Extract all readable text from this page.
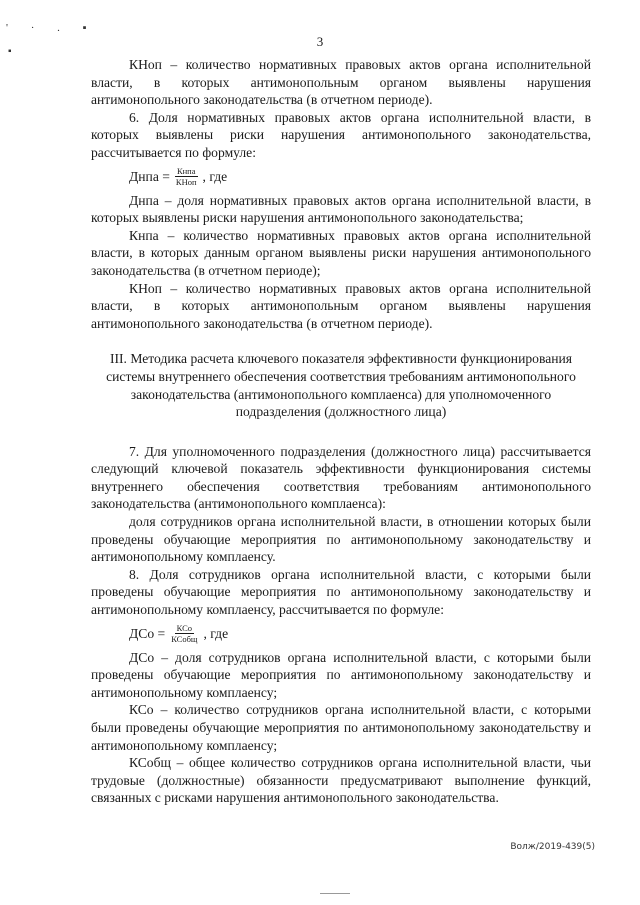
' · . ▪
▪
3

КНоп – количество нормативных правовых актов органа исполнительной власти, в которых антимонопольным органом выявлены нарушения антимонопольного законодательства (в отчетном периоде).

6. Доля нормативных правовых актов органа исполнительной власти, в которых выявлены риски нарушения антимонопольного законодательства, рассчитывается по формуле:

Днпа = $\frac{\text{Кнпа}}{\text{КНоп}}$ , где

Днпа – доля нормативных правовых актов органа исполнительной власти, в которых выявлены риски нарушения антимонопольного законодательства;

Кнпа – количество нормативных правовых актов органа исполнительной власти, в которых данным органом выявлены риски нарушения антимонопольного законодательства (в отчетном периоде);

КНоп – количество нормативных правовых актов органа исполнительной власти, в которых антимонопольным органом выявлены нарушения антимонопольного законодательства (в отчетном периоде).

III. Методика расчета ключевого показателя эффективности функционирования системы внутреннего обеспечения соответствия требованиям антимонопольного законодательства (антимонопольного комплаенса) для уполномоченного подразделения (должностного лица)

7. Для уполномоченного подразделения (должностного лица) рассчитывается следующий ключевой показатель эффективности функционирования системы внутреннего обеспечения соответствия требованиям антимонопольного законодательства (антимонопольного комплаенса):

доля сотрудников органа исполнительной власти, в отношении которых были проведены обучающие мероприятия по антимонопольному законодательству и антимонопольному комплаенсу.

8. Доля сотрудников органа исполнительной власти, с которыми были проведены обучающие мероприятия по антимонопольному законодательству и антимонопольному комплаенсу, рассчитывается по формуле:

ДСо = $\frac{\text{КСо}}{\text{КСобщ}}$ , где

ДСо – доля сотрудников органа исполнительной власти, с которыми были проведены обучающие мероприятия по антимонопольному законодательству и антимонопольному комплаенсу;

КСо – количество сотрудников органа исполнительной власти, с которыми были проведены обучающие мероприятия по антимонопольному законодательству и антимонопольному комплаенсу;

КСобщ – общее количество сотрудников органа исполнительной власти, чьи трудовые (должностные) обязанности предусматривают выполнение функций, связанных с рисками нарушения антимонопольного законодательства.

Волж/2019-439(5)
